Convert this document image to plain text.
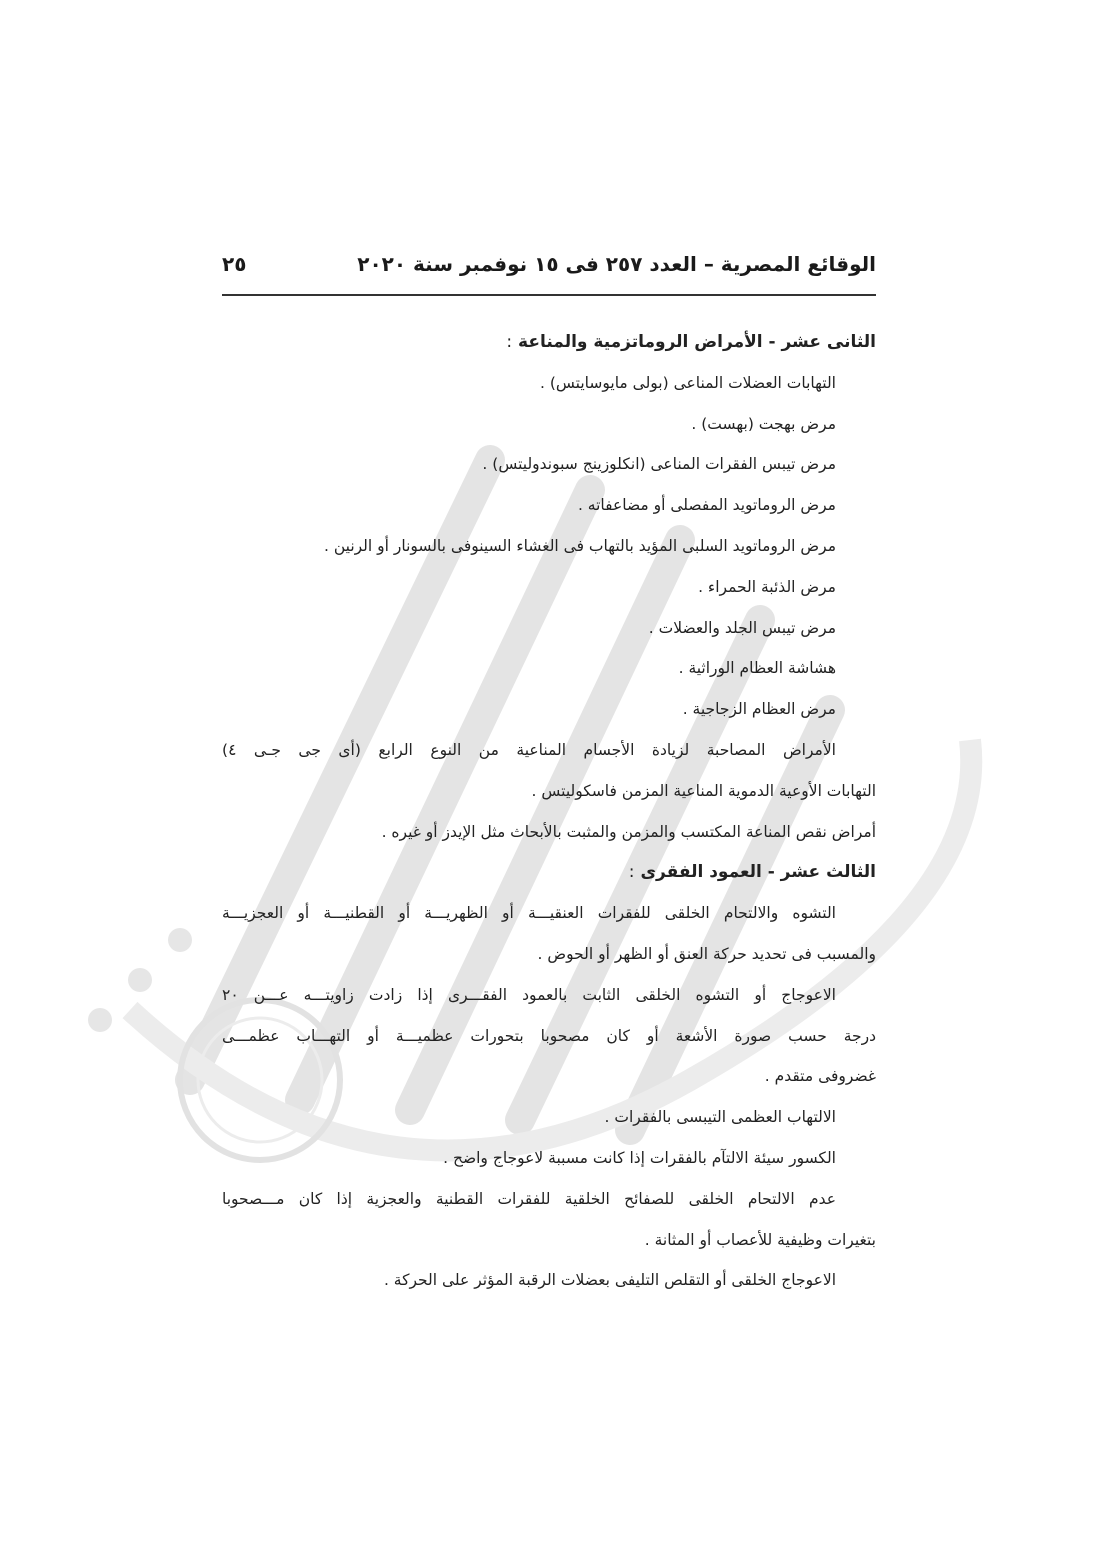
الوقائع المصرية – العدد ٢٥٧ فى ١٥ نوفمبر سنة ٢٠٢٠
٢٥
الثانى عشر - الأمراض الروماتزمية والمناعة :
التهابات العضلات المناعى (بولى مايوسايتس) .
مرض بهجت (بهست) .
مرض تيبس الفقرات المناعى (انكلوزينج سبوندوليتس) .
مرض الروماتويد المفصلى أو مضاعفاته .
مرض الروماتويد السلبى المؤيد بالتهاب فى الغشاء السينوفى بالسونار أو الرنين .
مرض الذئبة الحمراء .
مرض تيبس الجلد والعضلات .
هشاشة العظام الوراثية .
مرض العظام الزجاجية .
الأمراض المصاحبة لزيادة الأجسام المناعية من النوع الرابع (أى جى جـى ٤)
التهابات الأوعية الدموية المناعية المزمن فاسكوليتس .
أمراض نقص المناعة المكتسب والمزمن والمثبت بالأبحاث مثل الإيدز أو غيره .
الثالث عشر - العمود الفقرى :
التشوه والالتحام الخلقى للفقرات العنقيـــة أو الظهريـــة أو القطنيـــة أو العجزيـــة
والمسبب فى تحديد حركة العنق أو الظهر أو الحوض .
الاعوجاج أو التشوه الخلقى الثابت بالعمود الفقـــرى إذا زادت زاويتـــه عـــن ٢٠
درجة حسب صورة الأشعة أو كان مصحوبا بتحورات عظميـــة أو التهـــاب عظمـــى
غضروفى متقدم .
الالتهاب العظمى التيبسى بالفقرات .
الكسور سيئة الالتآم بالفقرات إذا كانت مسببة لاعوجاج واضح .
عدم الالتحام الخلقى للصفائح الخلقية للفقرات القطنية والعجزية إذا كان مـــصحوبا
بتغيرات وظيفية للأعصاب أو المثانة .
الاعوجاج الخلقى أو التقلص التليفى بعضلات الرقبة المؤثر على الحركة .
